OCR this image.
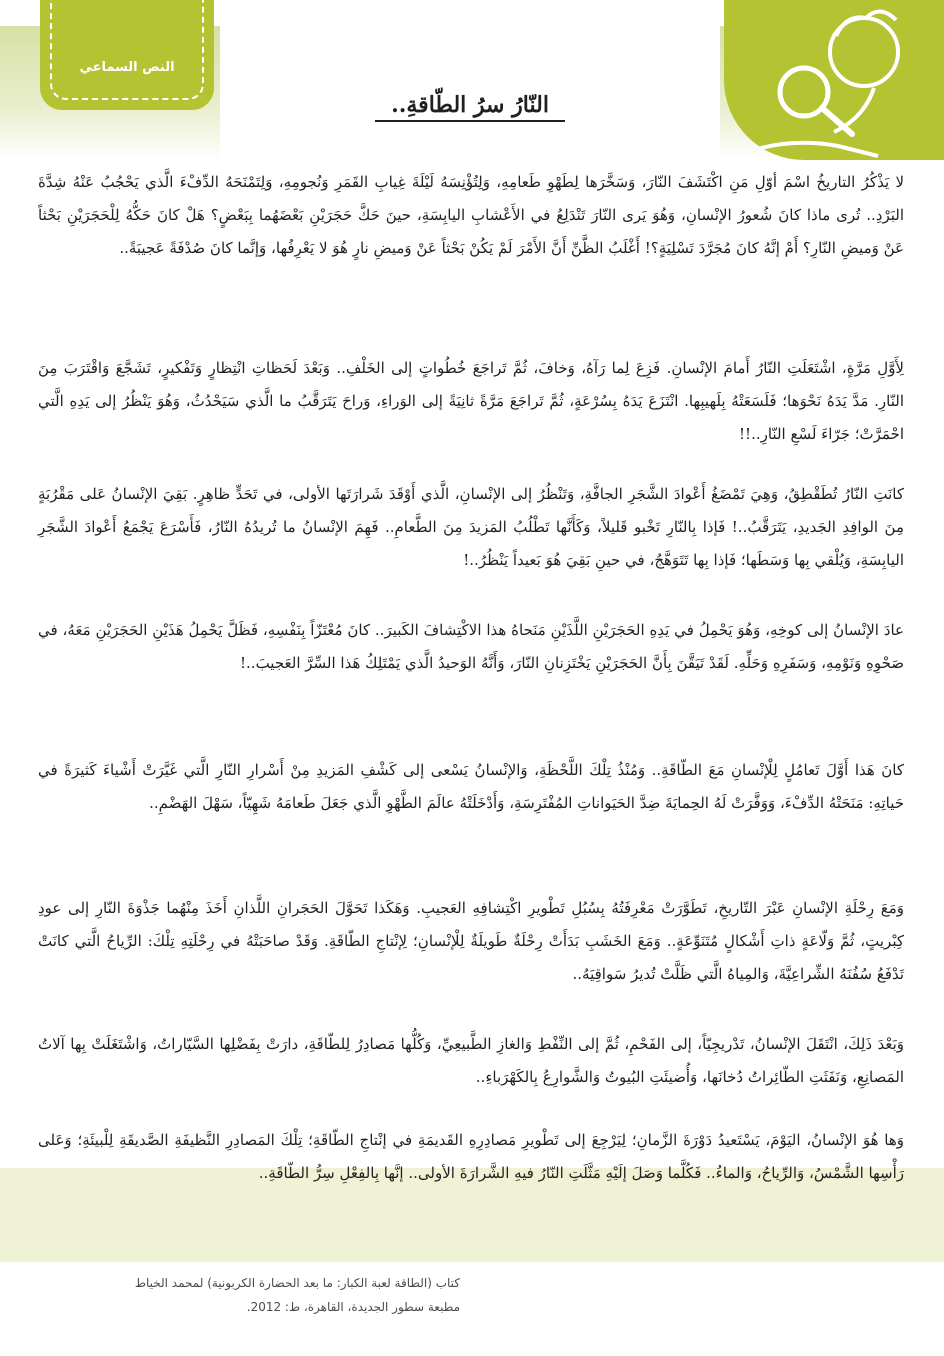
النص السماعي
النّارُ سرُ الطّاقةِ..
لا يَذْكُرُ التاريخُ اسْمَ أوّلِ مَنِ اكْتَشَفَ النّارَ، وَسَخَّرَها لِطَهْوِ طَعامِهِ، وَلِتُؤْنِسَهُ لَيْلَةَ غِيابِ القَمَرِ وَنُجومِهِ، وَلِتَمْنَحَهُ الدِّفْءَ الَّذي يَحْجُبُ عَنْهُ شِدَّةَ البَرْدِ.. تُرى ماذا كانَ شُعورُ الإنْسانِ، وَهُوَ يَرى النّارَ تَنْدَلِعُ في الأَعْشابِ اليابِسَةِ، حينَ حَكَّ حَجَرَيْنِ بَعْضَهُما بِبَعْضٍ؟ هَلْ كانَ حَكُّهُ لِلْحَجَرَيْنِ بَحْثاً عَنْ وَميضِ النّارِ؟ أَمْ إنَّهُ كانَ مُجَرَّدَ تَسْلِيَةٍ؟! أَغْلَبُ الظَّنِّ أَنَّ الأَمْرَ لَمْ يَكُنْ بَحْثاً عَنْ وَميضِ نارٍ هُوَ لا يَعْرِفُها، وَإنَّما كانَ صُدْفَةً عَجيبَةً..
لِأَوَّلِ مَرَّةٍ، اشْتَعَلَتِ النّارُ أَمامَ الإنْسانِ. فَزِعَ لِما رَآهُ، وَخافَ، ثُمَّ تَراجَعَ خُطُواتٍ إلى الخَلْفِ.. وَبَعْدَ لَحَظاتِ انْتِظارٍ وَتَفْكيرٍ، تَشَجَّعَ وَاقْتَرَبَ مِنَ النّارِ. مَدَّ يَدَهُ نَحْوَها؛ فَلَسَعَتْهُ بِلَهيبِها. انْتَزَعَ يَدَهُ بِسُرْعَةٍ، ثُمَّ تَراجَعَ مَرَّةً ثانِيَةً إلى الوَراءِ، وَراحَ يَتَرَقَّبُ ما الَّذي سَيَحْدُثُ، وَهُوَ يَنْظُرُ إلى يَدِهِ الَّتي احْمَرَّتْ؛ جَرّاءَ لَسْعِ النّارِ..!!
كانَتِ النّارُ تُطَقْطِقُ، وَهِيَ تَمْضَغُ أَعْوادَ الشَّجَرِ الجافَّةِ، وَتَنْظُرُ إلى الإنْسانِ، الَّذي أَوْقَدَ شَرارَتَها الأولى، في تَحَدٍّ ظاهِرٍ. بَقِيَ الإنْسانُ عَلى مَقْرُبَةٍ مِنَ الوافِدِ الجَديدِ، يَتَرَقَّبُ..! فَإذا بِالنّارِ تَخْبو قَليلاً، وَكَأَنَّها تَطْلُبُ المَزيدَ مِنَ الطَّعامِ.. فَهِمَ الإنْسانُ ما تُريدُهُ النّارُ، فَأَسْرَعَ يَجْمَعُ أَعْوادَ الشَّجَرِ اليابِسَةِ، وَيُلْقي بِها وَسَطَها؛ فَإذا بِها تَتَوَهَّجُ، في حينِ بَقِيَ هُوَ بَعيداً يَنْظُرُ..!
عادَ الإنْسانُ إلى كوخِهِ، وَهُوَ يَحْمِلُ في يَدِهِ الحَجَرَيْنِ اللَّذَيْنِ مَنَحاهُ هذا الاكْتِشافَ الكَبيرَ.. كانَ مُعْتَزّاً بِنَفْسِهِ، فَظَلَّ يَحْمِلُ هَذَيْنِ الحَجَرَيْنِ مَعَهُ، في صَحْوِهِ وَنَوْمِهِ، وَسَفَرِهِ وَحَلِّهِ. لَقَدْ تَيَقَّنَ بِأَنَّ الحَجَرَيْنِ يَخْتَزِنانِ النّارَ، وَأَنَّهُ الوَحيدُ الَّذي يَمْتَلِكُ هَذا السِّرَّ العَجيبَ..!
كانَ هَذا أَوَّلَ تَعامُلٍ لِلْإنْسانِ مَعَ الطّاقَةِ.. وَمُنْذُ تِلْكَ اللَّحْظَةِ، وَالإنْسانُ يَسْعى إلى كَشْفِ المَزيدِ مِنْ أَسْرارِ النّارِ الَّتي غَيَّرَتْ أَشْياءَ كَثيرَةً في حَياتِهِ: مَنَحَتْهُ الدِّفْءَ، وَوَفَّرَتْ لَهُ الحِمايَةَ ضِدَّ الحَيَواناتِ المُفْتَرِسَةِ، وَأَدْخَلَتْهُ عالَمَ الطَّهْوِ الَّذي جَعَلَ طَعامَهُ شَهِيّاً، سَهْلَ الهَضْمِ..
وَمَعَ رِحْلَةِ الإنْسانِ عَبْرَ التّاريخِ، تَطَوَّرَتْ مَعْرِفَتُهُ بِسُبُلِ تَطْويرِ اكْتِشافِهِ العَجيبِ. وَهَكَذا تَحَوَّلَ الحَجَرانِ اللَّذانِ أَخَذَ مِنْهُما جَذْوَةَ النّارِ إلى عودِ كِبْريتٍ، ثُمَّ وَلّاعَةٍ ذاتِ أَشْكالٍ مُتَنَوِّعَةٍ.. وَمَعَ الخَشَبِ بَدَأَتْ رِحْلَةٌ طَويلَةٌ لِلْإنْسانِ؛ لِإنْتاجِ الطّاقَةِ. وَقَدْ صاحَبَتْهُ في رِحْلَتِهِ تِلْكَ: الرِّياحُ الَّتي كانَتْ تَدْفَعُ سُفُنَهُ الشِّراعِيَّةَ، وَالمِياهُ الَّتي ظَلَّتْ تُديرُ سَواقِيَهُ..
وَبَعْدَ ذَلِكَ، انْتَقَلَ الإنْسانُ، تَدْريجِيّاً، إلى الفَحْمِ، ثُمَّ إلى النِّفْطِ وَالغازِ الطَّبيعِيِّ، وَكُلُّها مَصادِرُ لِلطّاقَةِ، دارَتْ بِفَضْلِها السَّيّاراتُ، وَاشْتَغَلَتْ بِها آلاتُ المَصانِعِ، وَنَفَثَتِ الطّائِراتُ دُخانَها، وَأُضيئَتِ البُيوتُ وَالشَّوارِعُ بِالكَهْرَباءِ..
وَها هُوَ الإنْسانُ، اليَوْمَ، يَسْتَعيدُ دَوْرَةَ الزَّمانِ؛ لِيَرْجِعَ إلى تَطْويرِ مَصادِرِهِ القَديمَةِ في إنْتاجِ الطّاقَةِ؛ تِلْكَ المَصادِرِ النَّظيفَةِ الصَّديقَةِ لِلْبيئَةِ؛ وَعَلى رَأْسِها الشَّمْسُ، وَالرِّياحُ، وَالماءُ.. فَكُلَّما وَصَلَ إلَيْهِ مَثَّلَتِ النّارُ فيهِ الشَّرارَةَ الأولى.. إنَّها بِالفِعْلِ سِرُّ الطّاقَةِ..
كتاب (الطاقة لعبة الكبار: ما بعد الحضارة الكربونية) لمحمد الخياط
مطبعة سطور الجديدة، القاهرة، ط: 2012.
